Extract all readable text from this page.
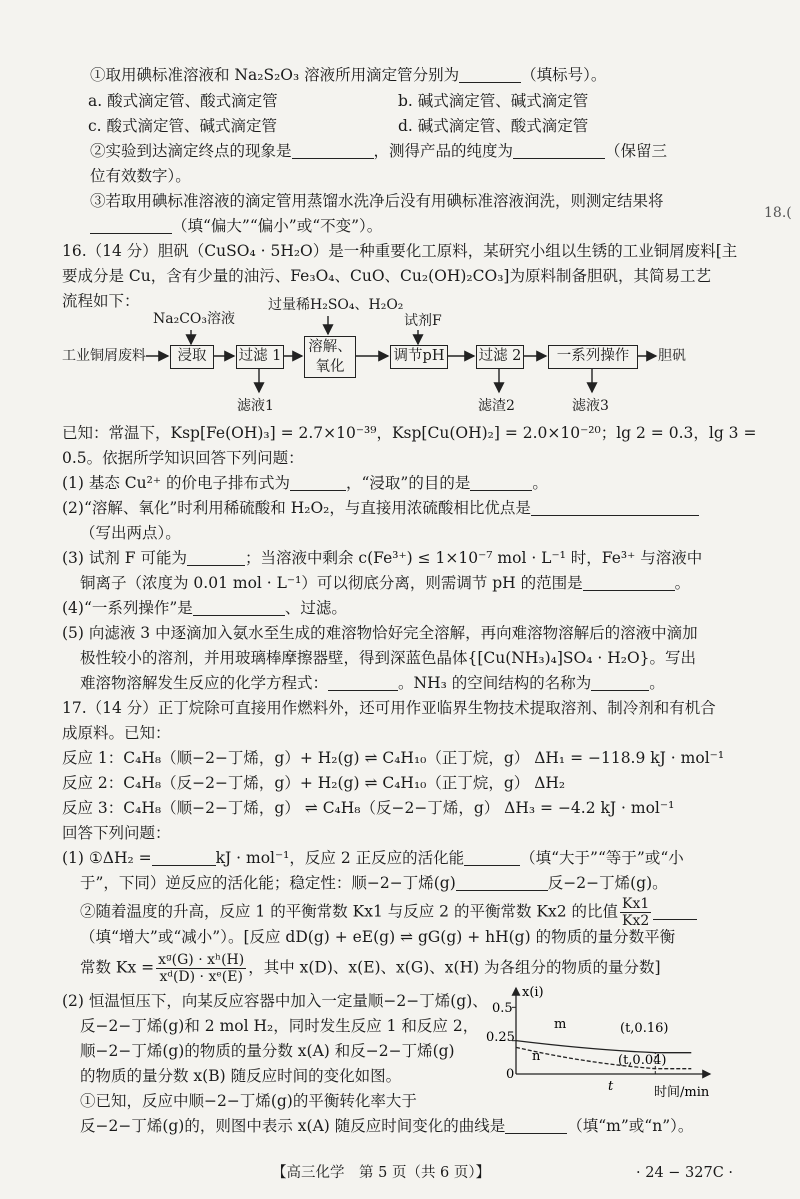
①取用碘标准溶液和 Na₂S₂O₃ 溶液所用滴定管分别为	（填标号）。
a. 酸式滴定管、酸式滴定管	b. 碱式滴定管、碱式滴定管
c. 酸式滴定管、碱式滴定管	d. 碱式滴定管、酸式滴定管
②实验到达滴定终点的现象是	，测得产品的纯度为	（保留三
位有效数字）。
③若取用碘标准溶液的滴定管用蒸馏水洗净后没有用碘标准溶液润洗，则测定结果将
（填“偏大”“偏小”或“不变”）。
18.(
16.（14 分）胆矾（CuSO₄ · 5H₂O）是一种重要化工原料，某研究小组以生锈的工业铜屑废料[主
要成分是 Cu，含有少量的油污、Fe₃O₄、CuO、Cu₂(OH)₂CO₃]为原料制备胆矾，其简易工艺
流程如下：
工业铜屑废料
Na₂CO₃溶液
浸取	过滤 1
滤液1
过量稀H₂SO₄、H₂O₂
溶解、
氧化
试剂F
调节pH 过滤 2
滤渣2
一系列操作
滤液3
胆矾
已知：常温下，Ksp[Fe(OH)₃] = 2.7×10⁻³⁹，Ksp[Cu(OH)₂] = 2.0×10⁻²⁰；lg 2 = 0.3，lg 3 =
0.5。依据所学知识回答下列问题：
(1) 基态 Cu²⁺ 的价电子排布式为	，“浸取”的目的是	。
(2)“溶解、氧化”时利用稀硫酸和 H₂O₂，与直接用浓硫酸相比优点是
（写出两点）。
(3) 试剂 F 可能为	；当溶液中剩余 c(Fe³⁺) ≤ 1×10⁻⁷ mol · L⁻¹ 时，Fe³⁺ 与溶液中
铜离子（浓度为 0.01 mol · L⁻¹）可以彻底分离，则需调节 pH 的范围是	。
(4)“一系列操作”是	、过滤。
(5) 向滤液 3 中逐滴加入氨水至生成的难溶物恰好完全溶解，再向难溶物溶解后的溶液中滴加
极性较小的溶剂，并用玻璃棒摩擦器壁，得到深蓝色晶体{[Cu(NH₃)₄]SO₄ · H₂O}。写出
难溶物溶解发生反应的化学方程式：	。NH₃ 的空间结构的名称为	。
17.（14 分）正丁烷除可直接用作燃料外，还可用作亚临界生物技术提取溶剂、制冷剂和有机合
成原料。已知：
反应 1：C₄H₈（顺−2−丁烯，g）+ H₂(g) ⇌ C₄H₁₀（正丁烷，g） ΔH₁ = −118.9 kJ · mol⁻¹
反应 2：C₄H₈（反−2−丁烯，g）+ H₂(g) ⇌ C₄H₁₀（正丁烷，g） ΔH₂
反应 3：C₄H₈（顺−2−丁烯，g） ⇌ C₄H₈（反−2−丁烯，g） ΔH₃ = −4.2 kJ · mol⁻¹
回答下列问题：
(1) ①ΔH₂ =	kJ · mol⁻¹，反应 2 正反应的活化能	（填“大于”“等于”或“小
于”，下同）逆反应的活化能；稳定性：顺−2−丁烯(g)	反−2−丁烯(g)。
②随着温度的升高，反应 1 的平衡常数 Kx1 与反应 2 的平衡常数 Kx2 的比值 $\frac{Kx1}{Kx2}$
（填“增大”或“减小”）。[反应 dD(g) + eE(g) ⇌ gG(g) + hH(g) 的物质的量分数平衡
常数 $Kx = \frac{\text{xᵍ(G) · xʰ(H)}}{\text{xᵈ(D) · xᵉ(E)}}$ ，其中 x(D)、x(E)、x(G)、x(H) 为各组分的物质的量分数]
(2) 恒温恒压下，向某反应容器中加入一定量顺−2−丁烯(g)、
反−2−丁烯(g)和 2 mol H₂，同时发生反应 1 和反应 2，
顺−2−丁烯(g)的物质的量分数 x(A) 和反−2−丁烯(g)
的物质的量分数 x(B) 随反应时间的变化如图。
①已知，反应中顺−2−丁烯(g)的平衡转化率大于
反−2−丁烯(g)的，则图中表示 x(A) 随反应时间变化的曲线是	（填“m”或“n”）。
x(i)
时间/min
0
0.5
0.25
t
(t,0.16)
(t,0.04)
m
n
【高三化学　第 5 页（共 6 页）】	· 24 − 327C ·
